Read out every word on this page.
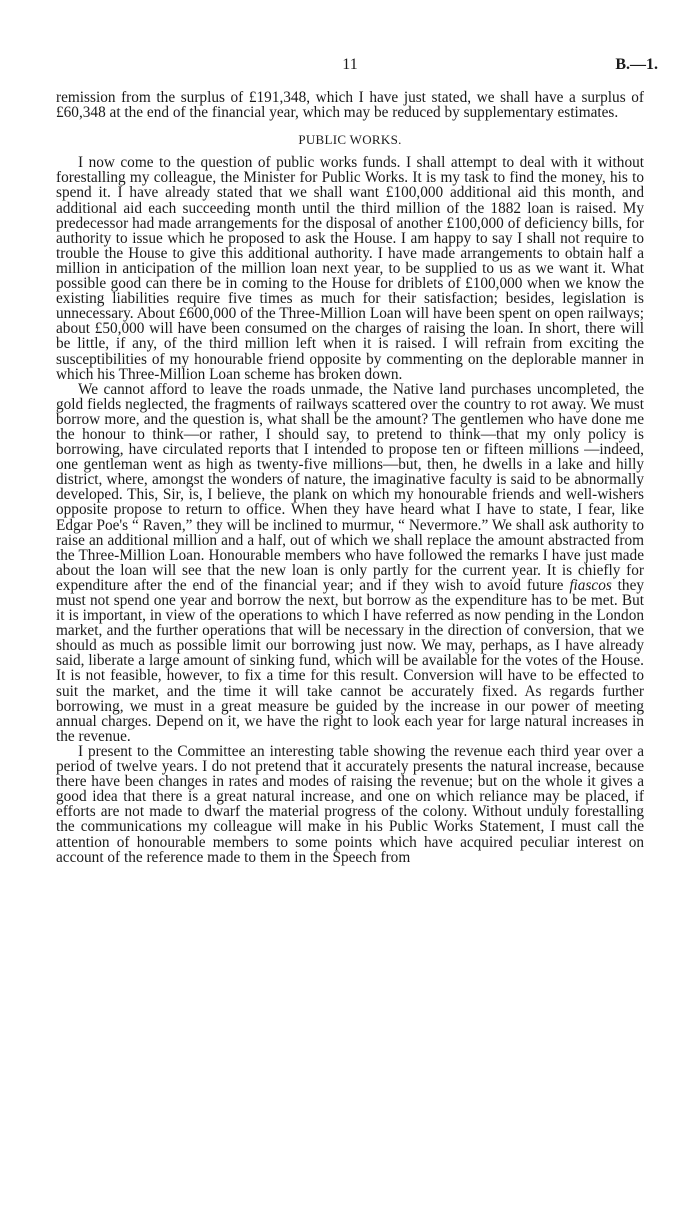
11	B.—1.

remission from the surplus of £191,348, which I have just stated, we shall have a surplus of £60,348 at the end of the financial year, which may be reduced by supplementary estimates.

PUBLIC WORKS.

I now come to the question of public works funds. I shall attempt to deal with it without forestalling my colleague, the Minister for Public Works. It is my task to find the money, his to spend it. I have already stated that we shall want £100,000 additional aid this month, and additional aid each succeeding month until the third million of the 1882 loan is raised. My predecessor had made arrangements for the disposal of another £100,000 of deficiency bills, for authority to issue which he proposed to ask the House. I am happy to say I shall not require to trouble the House to give this additional authority. I have made arrangements to obtain half a million in anticipation of the million loan next year, to be supplied to us as we want it. What possible good can there be in coming to the House for driblets of £100,000 when we know the existing liabilities require five times as much for their satisfaction; besides, legislation is unnecessary. About £600,000 of the Three-Million Loan will have been spent on open railways; about £50,000 will have been consumed on the charges of raising the loan. In short, there will be little, if any, of the third million left when it is raised. I will refrain from exciting the susceptibilities of my honourable friend opposite by commenting on the deplorable manner in which his Three-Million Loan scheme has broken down.

We cannot afford to leave the roads unmade, the Native land purchases uncompleted, the gold fields neglected, the fragments of railways scattered over the country to rot away. We must borrow more, and the question is, what shall be the amount? The gentlemen who have done me the honour to think—or rather, I should say, to pretend to think—that my only policy is borrowing, have circulated reports that I intended to propose ten or fifteen millions —indeed, one gentleman went as high as twenty-five millions—but, then, he dwells in a lake and hilly district, where, amongst the wonders of nature, the imaginative faculty is said to be abnormally developed. This, Sir, is, I believe, the plank on which my honourable friends and well-wishers opposite propose to return to office. When they have heard what I have to state, I fear, like Edgar Poe's “ Raven,” they will be inclined to murmur, “ Nevermore.” We shall ask authority to raise an additional million and a half, out of which we shall replace the amount abstracted from the Three-Million Loan. Honourable members who have followed the remarks I have just made about the loan will see that the new loan is only partly for the current year. It is chiefly for expenditure after the end of the financial year; and if they wish to avoid future fiascos they must not spend one year and borrow the next, but borrow as the expenditure has to be met. But it is important, in view of the operations to which I have referred as now pending in the London market, and the further operations that will be necessary in the direction of conversion, that we should as much as possible limit our borrowing just now. We may, perhaps, as I have already said, liberate a large amount of sinking fund, which will be available for the votes of the House. It is not feasible, however, to fix a time for this result. Conversion will have to be effected to suit the market, and the time it will take cannot be accurately fixed. As regards further borrowing, we must in a great measure be guided by the increase in our power of meeting annual charges. Depend on it, we have the right to look each year for large natural increases in the revenue.

I present to the Committee an interesting table showing the revenue each third year over a period of twelve years. I do not pretend that it accurately presents the natural increase, because there have been changes in rates and modes of raising the revenue; but on the whole it gives a good idea that there is a great natural increase, and one on which reliance may be placed, if efforts are not made to dwarf the material progress of the colony. Without unduly forestalling the communications my colleague will make in his Public Works Statement, I must call the attention of honourable members to some points which have acquired peculiar interest on account of the reference made to them in the Speech from
